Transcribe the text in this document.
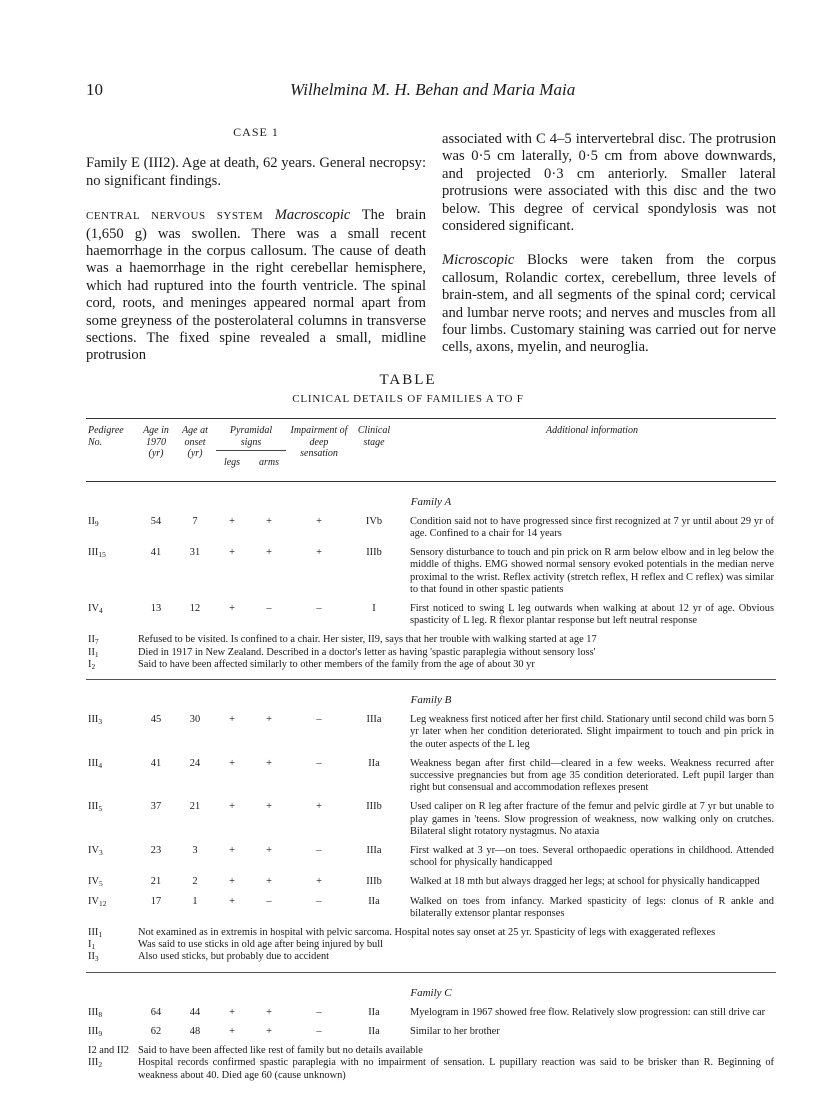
10	Wilhelmina M. H. Behan and Maria Maia
CASE 1

Family E (III2). Age at death, 62 years. General necropsy: no significant findings.

CENTRAL NERVOUS SYSTEM Macroscopic The brain (1,650 g) was swollen. There was a small recent haemorrhage in the corpus callosum. The cause of death was a haemorrhage in the right cerebellar hemisphere, which had ruptured into the fourth ventricle. The spinal cord, roots, and meninges appeared normal apart from some greyness of the posterolateral columns in transverse sections. The fixed spine revealed a small, midline protrusion

associated with C 4–5 intervertebral disc. The protrusion was 0·5 cm laterally, 0·5 cm from above downwards, and projected 0·3 cm anteriorly. Smaller lateral protrusions were associated with this disc and the two below. This degree of cervical spondylosis was not considered significant.

Microscopic Blocks were taken from the corpus callosum, Rolandic cortex, cerebellum, three levels of brain-stem, and all segments of the spinal cord; cervical and lumbar nerve roots; and nerves and muscles from all four limbs. Customary staining was carried out for nerve cells, axons, myelin, and neuroglia.

TABLE
CLINICAL DETAILS OF FAMILIES A TO F
Pedigree No.	Age in 1970 (yr)	Age at onset (yr)	Pyramidal signs		Impairment of deep sensation	Clinical stage		Additional information
			legs	arms				
Family A								
$II_9$	54	7	+	+	+	IVb		Condition said not to have progressed since first recognized at 7 yr until about 29 yr of age. Confined to a chair for 14 years

$III_{15}$	41	31	+	+	+	IIIb		Sensory disturbance to touch and pin prick on R arm below elbow and in leg below the middle of thighs. EMG showed normal sensory evoked potentials in the median nerve proximal to the wrist. Reflex activity (stretch reflex, H reflex and C reflex) was similar to that found in other spastic patients

$IV_4$	13	12	+	–	–	I		First noticed to swing L leg outwards when walking at about 12 yr of age. Obvious spasticity of L leg. R flexor plantar response but left neutral response

$II_7$	Refused to be visited. Is confined to a chair. Her sister, II9, says that her trouble with walking started at age 17							
$II_1$	Died in 1917 in New Zealand. Described in a doctor's letter as having 'spastic paraplegia without sensory loss'							
$I_2$	Said to have been affected similarly to other members of the family from the age of about 30 yr							

Family B								
$III_3$	45	30	+	+	–	IIIa		Leg weakness first noticed after her first child. Stationary until second child was born 5 yr later when her condition deteriorated. Slight impairment to touch and pin prick in the outer aspects of the L leg

$III_4$	41	24	+	+	–	IIa		Weakness began after first child—cleared in a few weeks. Weakness recurred after successive pregnancies but from age 35 condition deteriorated. Left pupil larger than right but consensual and accommodation reflexes present

$III_5$	37	21	+	+	+	IIIb		Used caliper on R leg after fracture of the femur and pelvic girdle at 7 yr but unable to play games in 'teens. Slow progression of weakness, now walking only on crutches. Bilateral slight rotatory nystagmus. No ataxia

$IV_3$	23	3	+	+	–	IIIa		First walked at 3 yr—on toes. Several orthopaedic operations in childhood. Attended school for physically handicapped

$IV_5$	21	2	+	+	+	IIIb		Walked at 18 mth but always dragged her legs; at school for physically handicapped

$IV_{12}$	17	1	+	–	–	IIa		Walked on toes from infancy. Marked spasticity of legs: clonus of R ankle and bilaterally extensor plantar responses

$III_1$	Not examined as in extremis in hospital with pelvic sarcoma. Hospital notes say onset at 25 yr. Spasticity of legs with exaggerated reflexes							
$I_1$	Was said to use sticks in old age after being injured by bull							
$II_3$	Also used sticks, but probably due to accident							

Family C								
$III_8$	64	44	+	+	–	IIa		Myelogram in 1967 showed free flow. Relatively slow progression: can still drive car

$III_9$	62	48	+	+	–	IIa		Similar to her brother

I2 and II2	Said to have been affected like rest of family but no details available							
$III_2$	Hospital records confirmed spastic paraplegia with no impairment of sensation. L pupillary reaction was said to be brisker than R. Beginning of weakness about 40. Died age 60 (cause unknown)							
